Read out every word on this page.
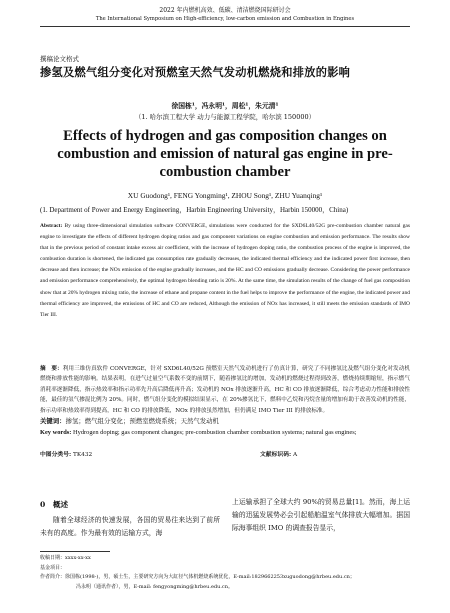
2022 年内燃机高效、低碳、清洁燃烧国际研讨会
The International Symposium on High-efficiency, low-carbon emission and Combustion in Engines
撰稿论文格式
掺氢及燃气组分变化对预燃室天然气发动机燃烧和排放的影响
徐国栋¹，冯永明¹，周松¹，朱元清¹
（1. 哈尔滨工程大学 动力与能源工程学院，哈尔滨 150000）
Effects of hydrogen and gas composition changes on combustion and emission of natural gas engine in pre-combustion chamber
XU Guodong¹, FENG Yongming¹, ZHOU Song¹, ZHU Yuanqing¹
(1. Department of Power and Energy Engineering，Harbin Engineering University，Harbin 150000，China)
Abstract: By using three-dimensional simulation software CONVERGE, simulations were conducted for the SXD6L40/52G pre-combustion chamber natural gas engine to investigate the effects of different hydrogen doping ratios and gas component variations on engine combustion and emission performance. The results show that in the previous period of constant intake excess air coefficient, with the increase of hydrogen doping ratio, the combustion process of the engine is improved, the combustion duration is shortened, the indicated gas consumption rate gradually decreases, the indicated thermal efficiency and the indicated power first increase, then decrease and then increase; the NOx emission of the engine gradually increases, and the HC and CO emissions gradually decrease. Considering the power performance and emission performance comprehensively, the optimal hydrogen blending ratio is 20%. At the same time, the simulation results of the change of fuel gas composition show that at 20% hydrogen mixing ratio, the increase of ethane and propane content in the fuel helps to improve the performance of the engine, the indicated power and thermal efficiency are improved, the emissions of HC and CO are reduced, Although the emission of NOx has increased, it still meets the emission standards of IMO Tier III.
摘　要：利用三维仿真软件 CONVERGE，针对 SXD6L40/52G 预燃室天然气发动机进行了仿真计算，研究了不同掺氢比及燃气组分变化对发动机燃烧和排放性能的影响。结果表明，在进气过量空气系数不变的前期下，随着掺氢比的增加，发动机的燃烧过程得到改善，燃烧持续期缩短，指示燃气消耗率逐渐降低，指示热效率和指示功率先升高后降低再升高；发动机的 NOx 排放逐渐升高，HC 和 CO 排放逐渐降低，综合考虑动力性能和排放性能，最佳的氢气掺混比例为 20%。同时，燃气组分变化的模拟结果显示，在 20%掺氢比下，燃料中乙烷和丙烷含量的增加有助于改善发动机的性能，指示功率和热效率得到提高，HC 和 CO 的排放降低，NOx 的排放虽然增加，但仍满足 IMO Tier III 的排放标准。
关键词：掺氢；燃气组分变化；预燃室燃烧系统；天然气发动机
Key words: Hydrogen doping; gas component changes; pre-combustion chamber combustion systems; natural gas engines;
中图分类号: TK432	文献标识码: A
0　概述
随着全球经济的快速发展，各国的贸易往来达到了前所未有的高度。作为最有效的运输方式，海
上运输承担了全球大约 90%的贸易总量[1]。然而，海上运输的迅猛发展势必会引起船舶温室气体排放大幅增加。据国际海事组织 IMO 的调查报告显示，
收稿日期：xxxx-xx-xx
基金项目：
作者简介：徐国栋(1998-)，男，硕士生，主要研究方向为大缸径气体机燃烧系统优化，E-mail:1829662253xuguodong@hrbeu.edu.cn；
冯永明（通讯作者），男，E-mail: fengyongming@hrbeu.edu.cn。
